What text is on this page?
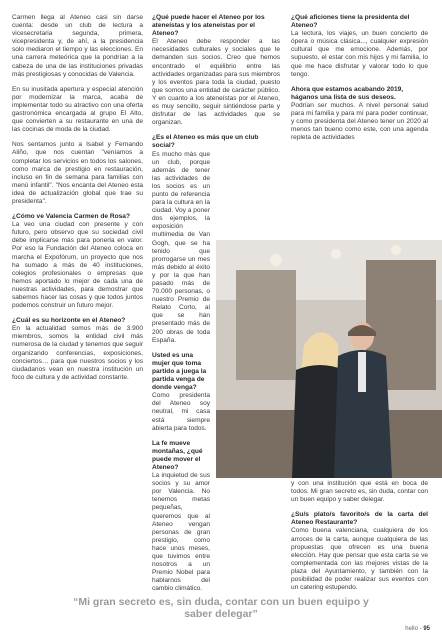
Carmen llega al Ateneo casi sin darse cuenta: desde un club de lectura a vicesecretaria segunda, primera, vicepresidenta y, de ahí, a la presidencia solo mediaron el tiempo y las elecciones. En una carrera meteórica que la pondrían a la cabeza de una de las instituciones privadas más prestigiosas y conocidas de Valencia.

En su inusitada apertura y especial atención por modernizar la marca, acaba de implementar todo su atractivo con una oferta gastronómica encargada al grupo El Alto, que convierten a su restaurante en una de las cocinas de moda de la ciudad.

Nos sentamos junto a Isabel y Fernando Aliño, que nos cuentan "veníamos a completar los servicios en todos los salones, como marca de prestigio en restauración, incluso en fin de semana para familias con menú infantil". "Nos encanta del Ateneo esta idea de actualización global que trae su presidenta".

¿Cómo ve Valencia Carmen de Rosa?

La veo una ciudad con presente y con futuro, pero observo que su sociedad civil debe implicarse más para ponerla en valor. Por eso la Fundación del Ateneo coloca en marcha el Expofórum, un proyecto que nos ha sumado a más de 40 instituciones, colegios profesionales o empresas que hemos aportado lo mejor de cada una de nuestras actividades, para demostrar que sabemos hacer las cosas y que todos juntos podemos construir un futuro mejor.

¿Cuál es su horizonte en el Ateneo?

En la actualidad somos más de 3.900 miembros, somos la entidad civil más numerosa de la ciudad y tenemos que seguir organizando conferencias, exposiciones, conciertos… para que nuestros socios y los ciudadanos vean en nuestra institución un foco de cultura y de actividad constante.

¿Qué puede hacer el Ateneo por los ateneístas y los ateneístas por el Ateneo?

El Ateneo debe responder a las necesidades culturales y sociales que le demanden sus socios. Creo que hemos encontrado el equilibrio entre las actividades organizadas para sus miembros y los eventos para toda la ciudad, puesto que somos una entidad de carácter público. Y en cuanto a los ateneístas por el Ateneo, es muy sencillo, seguir sintiéndose parte y disfrutar de las actividades que se organizan.

¿Es el Ateneo es más que un club social?

Es mucho más que un club, porque además de tener las actividades de los socios es un punto de referencia para la cultura en la ciudad. Voy a poner dos ejemplos, la exposición multimedia de Van Gogh, que se ha tenido que prorrogarse un mes más debido al éxito y por la que han pasado más de 70.000 personas, o nuestro Premio de Relato Corto, al que se han presentado más de 200 obras de toda España.

Usted es una mujer que toma partido a juega la partida venga de donde venga?

Como presidenta del Ateneo soy neutral, mi casa está siempre abierta para todos.

La fe mueve montañas, ¿qué puede mover el Ateneo?

La inquietud de sus socios y su amor por Valencia. No tenemos metas pequeñas, queremos que al Ateneo vengan personas de gran prestigio, como hace unos meses, que tuvimos entre nosotros a un Premio Nobel para hablarnos del cambio climático.

¿Qué aficiones tiene la presidenta del Ateneo?

La lectura, los viajes, un buen concierto de ópera o música clásica..., cualquier expresión cultural que me emocione. Además, por supuesto, el estar con mis hijos y mi familia, lo que me hace disfrutar y valorar todo lo que tengo.

Ahora que estamos acabando 2019, háganos una lista de sus deseos.

Podrían ser muchos. A nivel personal salud para mi familia y para mí para poder continuar, y como presidenta del Ateneo tener un 2020 al menos tan bueno como este, con una agenda repleta de actividades

y con una institución que está en boca de todos. Mi gran secreto es, sin duda, contar con un buen equipo y saber delegar.

¿Su/s plato/s favorito/s de la carta del Ateneo Restaurante?

Como buena valenciana, cualquiera de los arroces de la carta, aunque cualquiera de las propuestas que ofrecen es una buena elección. Hay que pensar que esta carta se ve complementada con las mejores vistas de la plaza del Ayuntamiento, y también con la posibilidad de poder realizar sus eventos con un catering estupendo.

“Mi gran secreto es, sin duda, contar con un buen equipo y saber delegar”
hello - 95
